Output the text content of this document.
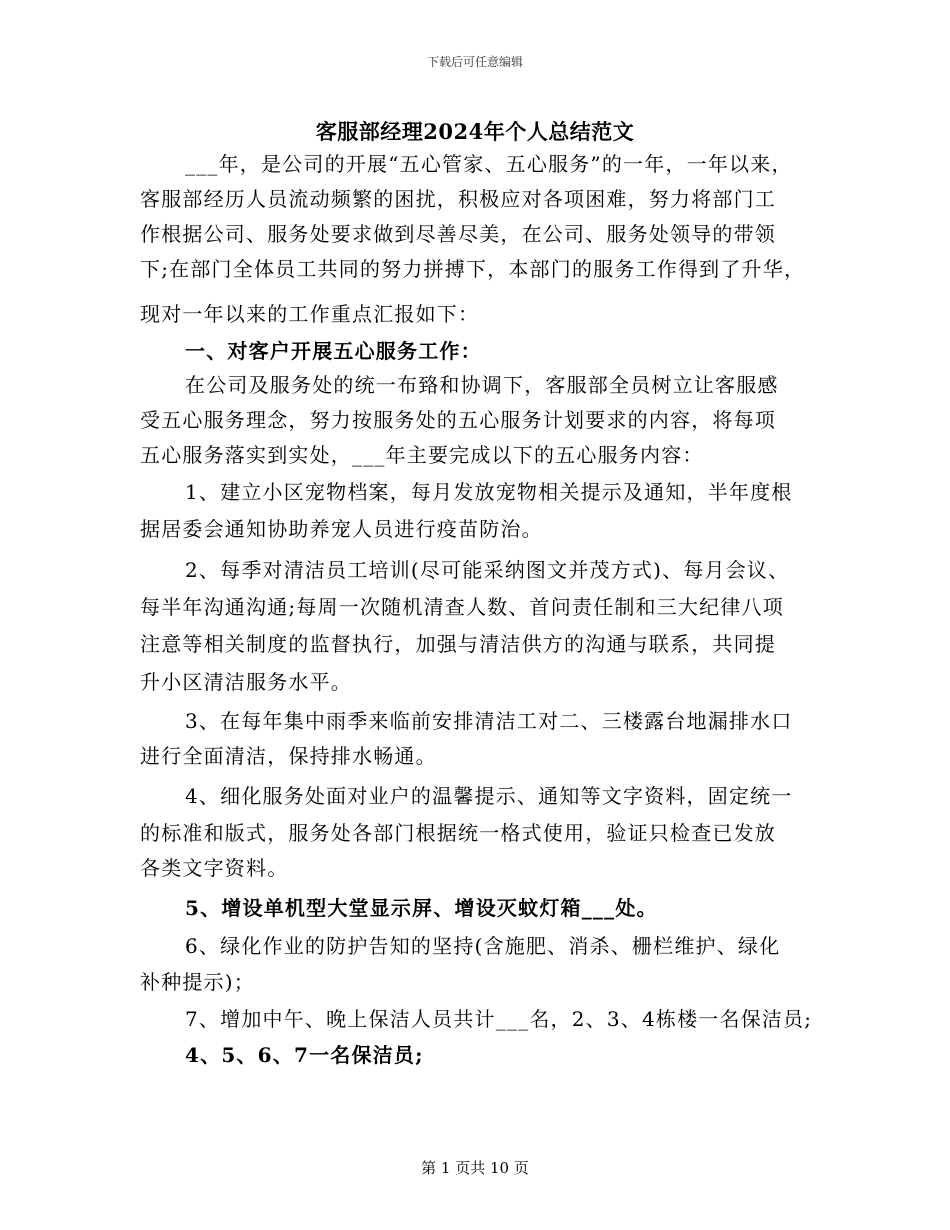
下载后可任意编辑
客服部经理2024年个人总结范文
___年，是公司的开展“五心管家、五心服务”的一年，一年以来，
客服部经历人员流动频繁的困扰，积极应对各项困难，努力将部门工
作根据公司、服务处要求做到尽善尽美，在公司、服务处领导的带领
下;在部门全体员工共同的努力拼搏下，本部门的服务工作得到了升华，
现对一年以来的工作重点汇报如下：
一、对客户开展五心服务工作：
在公司及服务处的统一布臵和协调下，客服部全员树立让客服感
受五心服务理念，努力按服务处的五心服务计划要求的内容，将每项
五心服务落实到实处，___年主要完成以下的五心服务内容：
1、建立小区宠物档案，每月发放宠物相关提示及通知，半年度根
据居委会通知协助养宠人员进行疫苗防治。
2、每季对清洁员工培训(尽可能采纳图文并茂方式)、每月会议、
每半年沟通沟通;每周一次随机清查人数、首问责任制和三大纪律八项
注意等相关制度的监督执行，加强与清洁供方的沟通与联系，共同提
升小区清洁服务水平。
3、在每年集中雨季来临前安排清洁工对二、三楼露台地漏排水口
进行全面清洁，保持排水畅通。
4、细化服务处面对业户的温馨提示、通知等文字资料，固定统一
的标准和版式，服务处各部门根据统一格式使用，验证只检查已发放
各类文字资料。
5、增设单机型大堂显示屏、增设灭蚊灯箱___处。
6、绿化作业的防护告知的坚持(含施肥、消杀、栅栏维护、绿化
补种提示)；
7、增加中午、晚上保洁人员共计___名，2、3、4栋楼一名保洁员;
4、5、6、7一名保洁员;
第 1 页共 10 页
